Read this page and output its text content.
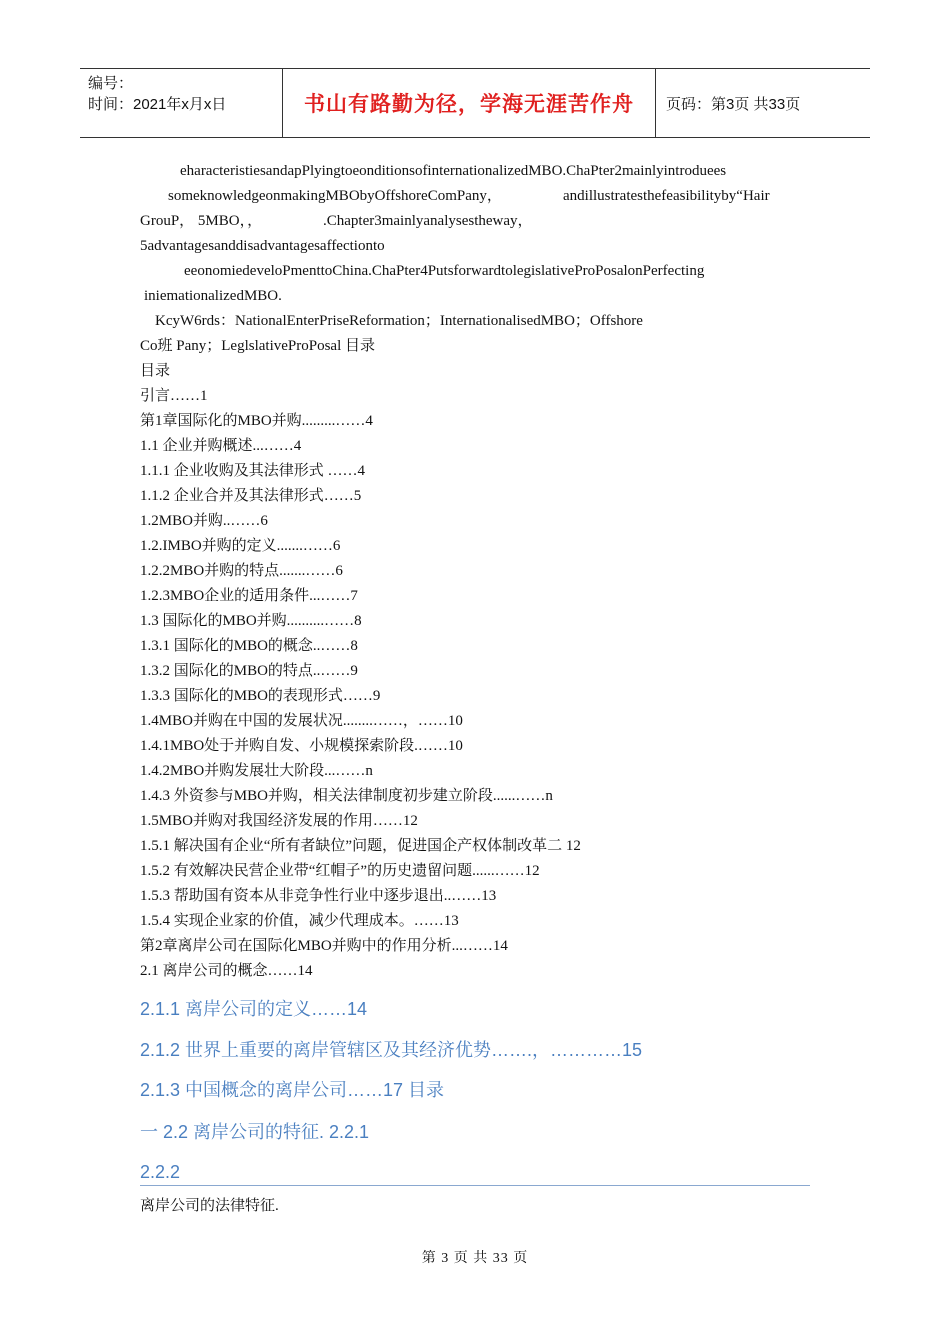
编号：
时间：2021年x月x日	书山有路勤为径，学海无涯苦作舟	页码：第3页 共33页
eharacteristiesandapPlyingtoeonditionsofinternationalizedMBO.ChaPter2mainlyintroduees
someknowledgeonmakingMBObyOffshoreComPany，	andillustratesthefeasibilityby“Hair
GrouP， 5MBO，，	.Chapter3mainlyanalysestheway，
5advantagesanddisadvantagesaffectionto
eeonomiedeveloPmenttoChina.ChaPter4PutsforwardtolegislativeProPosalonPerfecting
iniemationalizedMBO.
KcyW6rds：NationalEnterPriseReformation；InternationalisedMBO；Offshore
Co班 Pany；LeglslativeProPosal 目录
目录
引言……1
第1章国际化的MBO并购.........……4
1.1 企业并购概述...……4
1.1.1 企业收购及其法律形式 ……4
1.1.2 企业合并及其法律形式……5
1.2MBO并购..……6
1.2.IMBO并购的定义.......……6
1.2.2MBO并购的特点.......……6
1.2.3MBO企业的适用条件...……7
1.3 国际化的MBO并购..........……8
1.3.1 国际化的MBO的概念..……8
1.3.2 国际化的MBO的特点..……9
1.3.3 国际化的MBO的表现形式……9
1.4MBO并购在中国的发展状况........……，……10
1.4.1MBO处于并购自发、小规模探索阶段.……10
1.4.2MBO并购发展壮大阶段...……n
1.4.3 外资参与MBO并购，相关法律制度初步建立阶段......……n
1.5MBO并购对我国经济发展的作用……12
1.5.1 解决国有企业“所有者缺位”问题，促进国企产权体制改革二 12
1.5.2 有效解决民营企业带“红帽子”的历史遗留问题......……12
1.5.3 帮助国有资本从非竞争性行业中逐步退出..……13
1.5.4 实现企业家的价值，减少代理成本。……13
第2章离岸公司在国际化MBO并购中的作用分析...……14
2.1 离岸公司的概念……14
2.1.1 离岸公司的定义……14
2.1.2 世界上重要的离岸管辖区及其经济优势…….，…………15
2.1.3 中国概念的离岸公司……17 目录
一 2.2 离岸公司的特征. 2.2.1
2.2.2
离岸公司的法律特征.
第 3 页 共 33 页
